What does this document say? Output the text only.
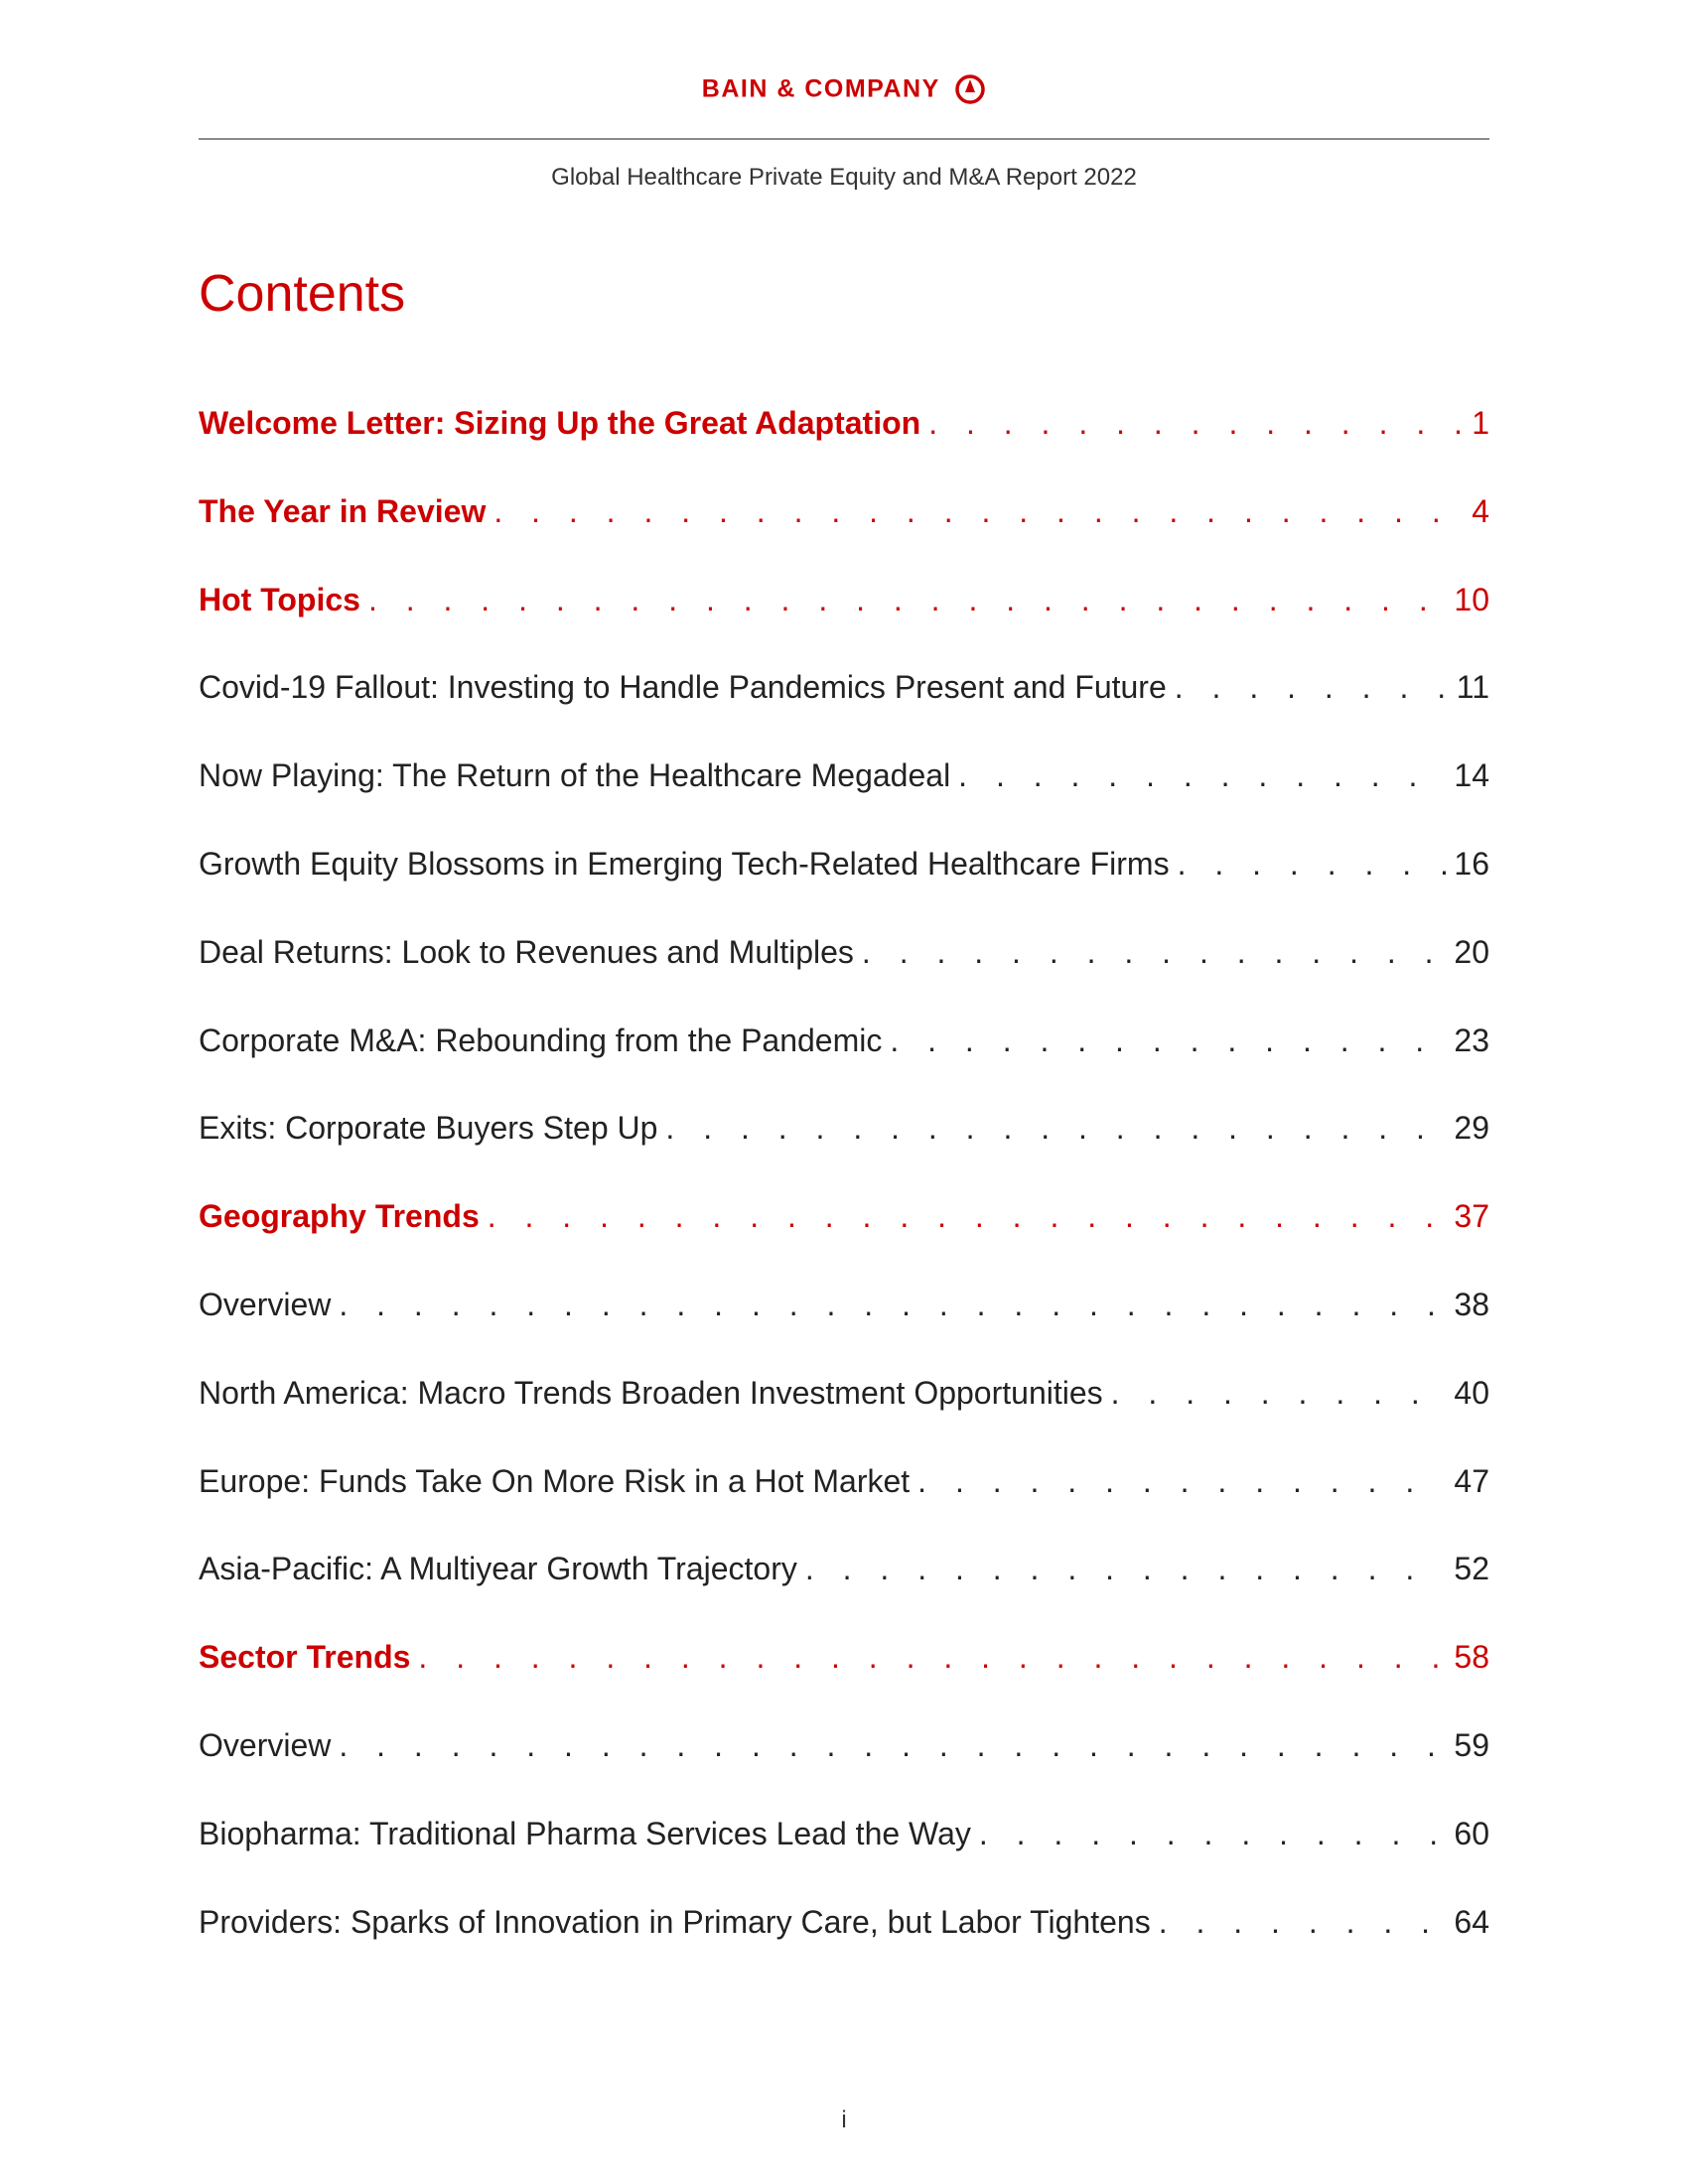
BAIN & COMPANY
Global Healthcare Private Equity and M&A Report 2022
Contents
Welcome Letter: Sizing Up the Great Adaptation . . .	1
The Year in Review . . .	4
Hot Topics . . .	10
Covid-19 Fallout: Investing to Handle Pandemics Present and Future . . .	11
Now Playing: The Return of the Healthcare Megadeal . . .	14
Growth Equity Blossoms in Emerging Tech-Related Healthcare Firms . . .	16
Deal Returns: Look to Revenues and Multiples . . .	20
Corporate M&A: Rebounding from the Pandemic . . .	23
Exits: Corporate Buyers Step Up . . .	29
Geography Trends . . .	37
Overview . . .	38
North America: Macro Trends Broaden Investment Opportunities . . .	40
Europe: Funds Take On More Risk in a Hot Market . . .	47
Asia-Pacific: A Multiyear Growth Trajectory . . .	52
Sector Trends . . .	58
Overview . . .	59
Biopharma: Traditional Pharma Services Lead the Way . . .	60
Providers: Sparks of Innovation in Primary Care, but Labor Tightens . . .	64
i
